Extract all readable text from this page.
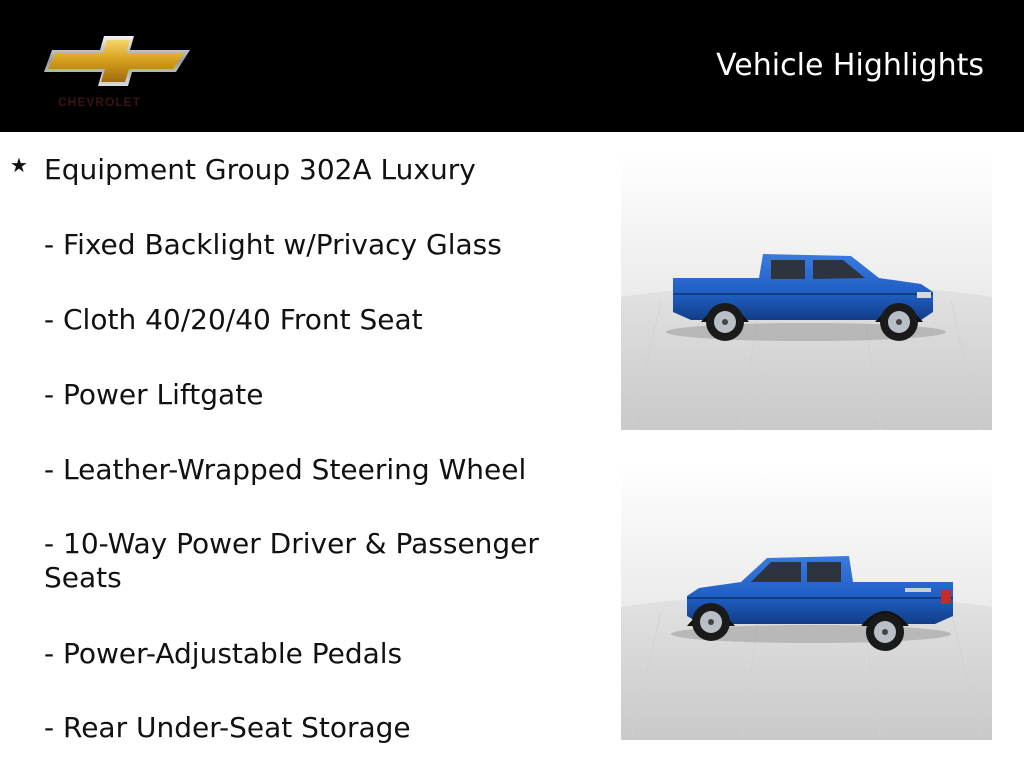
CHEVROLET
Vehicle Highlights
★ Equipment Group 302A Luxury
- Fixed Backlight w/Privacy Glass
- Cloth 40/20/40 Front Seat
- Power Liftgate
- Leather-Wrapped Steering Wheel
- 10-Way Power Driver & Passenger Seats
- Power-Adjustable Pedals
- Rear Under-Seat Storage
